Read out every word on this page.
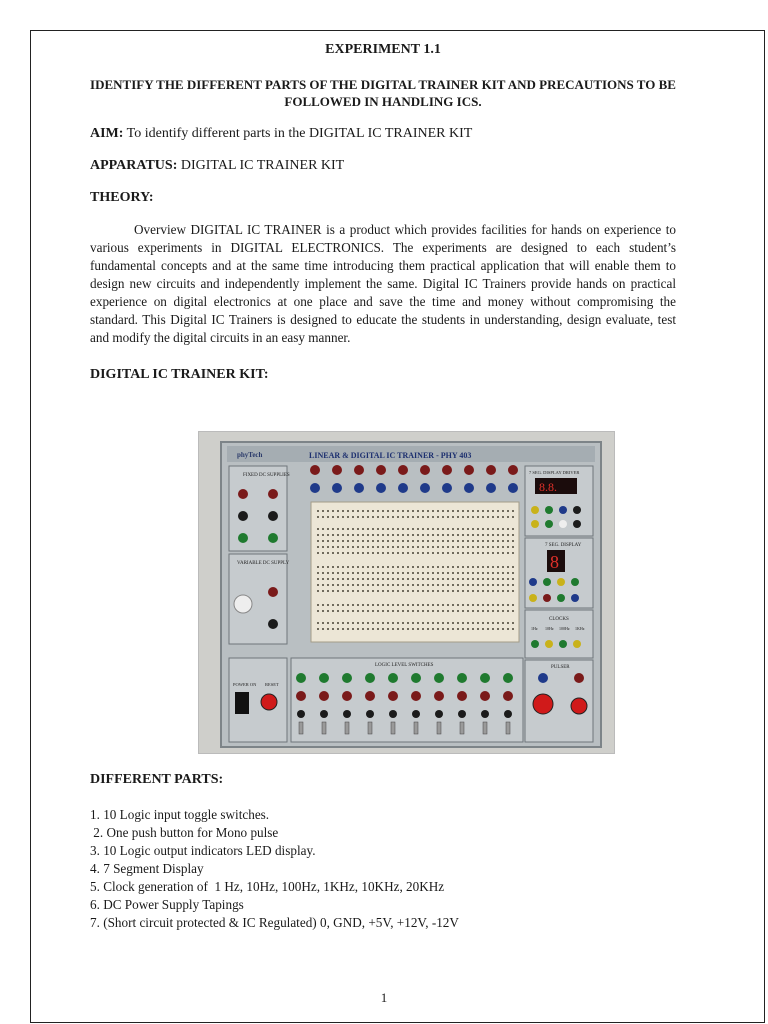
EXPERIMENT 1.1
IDENTIFY THE DIFFERENT PARTS OF THE DIGITAL TRAINER KIT AND PRECAUTIONS TO BE FOLLOWED IN HANDLING ICS.
AIM: To identify different parts in the DIGITAL IC TRAINER KIT
APPARATUS: DIGITAL IC TRAINER KIT
THEORY:
Overview DIGITAL IC TRAINER is a product which provides facilities for hands on experience to various experiments in DIGITAL ELECTRONICS. The experiments are designed to each student’s fundamental concepts and at the same time introducing them practical application that will enable them to design new circuits and independently implement the same. Digital IC Trainers provide hands on practical experience on digital electronics at one place and save the time and money without compromising the standard. This Digital IC Trainers is designed to educate the students in understanding, design evaluate, test and modify the digital circuits in an easy manner.
DIGITAL IC TRAINER KIT:
phyTech	LINEAR & DIGITAL IC TRAINER - PHY 403
FIXED DC SUPPLIES
VARIABLE DC SUPPLY
7 SEG. DISPLAY DRIVER
8.8.
7 SEG. DISPLAY
8
CLOCKS
1Hz 10Hz 100Hz 1KHz
POWER ON RESET
LOGIC LEVEL SWITCHES	PULSER
DIFFERENT PARTS:
1. 10 Logic input toggle switches.
2. One push button for Mono pulse
3. 10 Logic output indicators LED display.
4. 7 Segment Display
5. Clock generation of  1 Hz, 10Hz, 100Hz, 1KHz, 10KHz, 20KHz
6. DC Power Supply Tapings
7. (Short circuit protected & IC Regulated) 0, GND, +5V, +12V, -12V
1
